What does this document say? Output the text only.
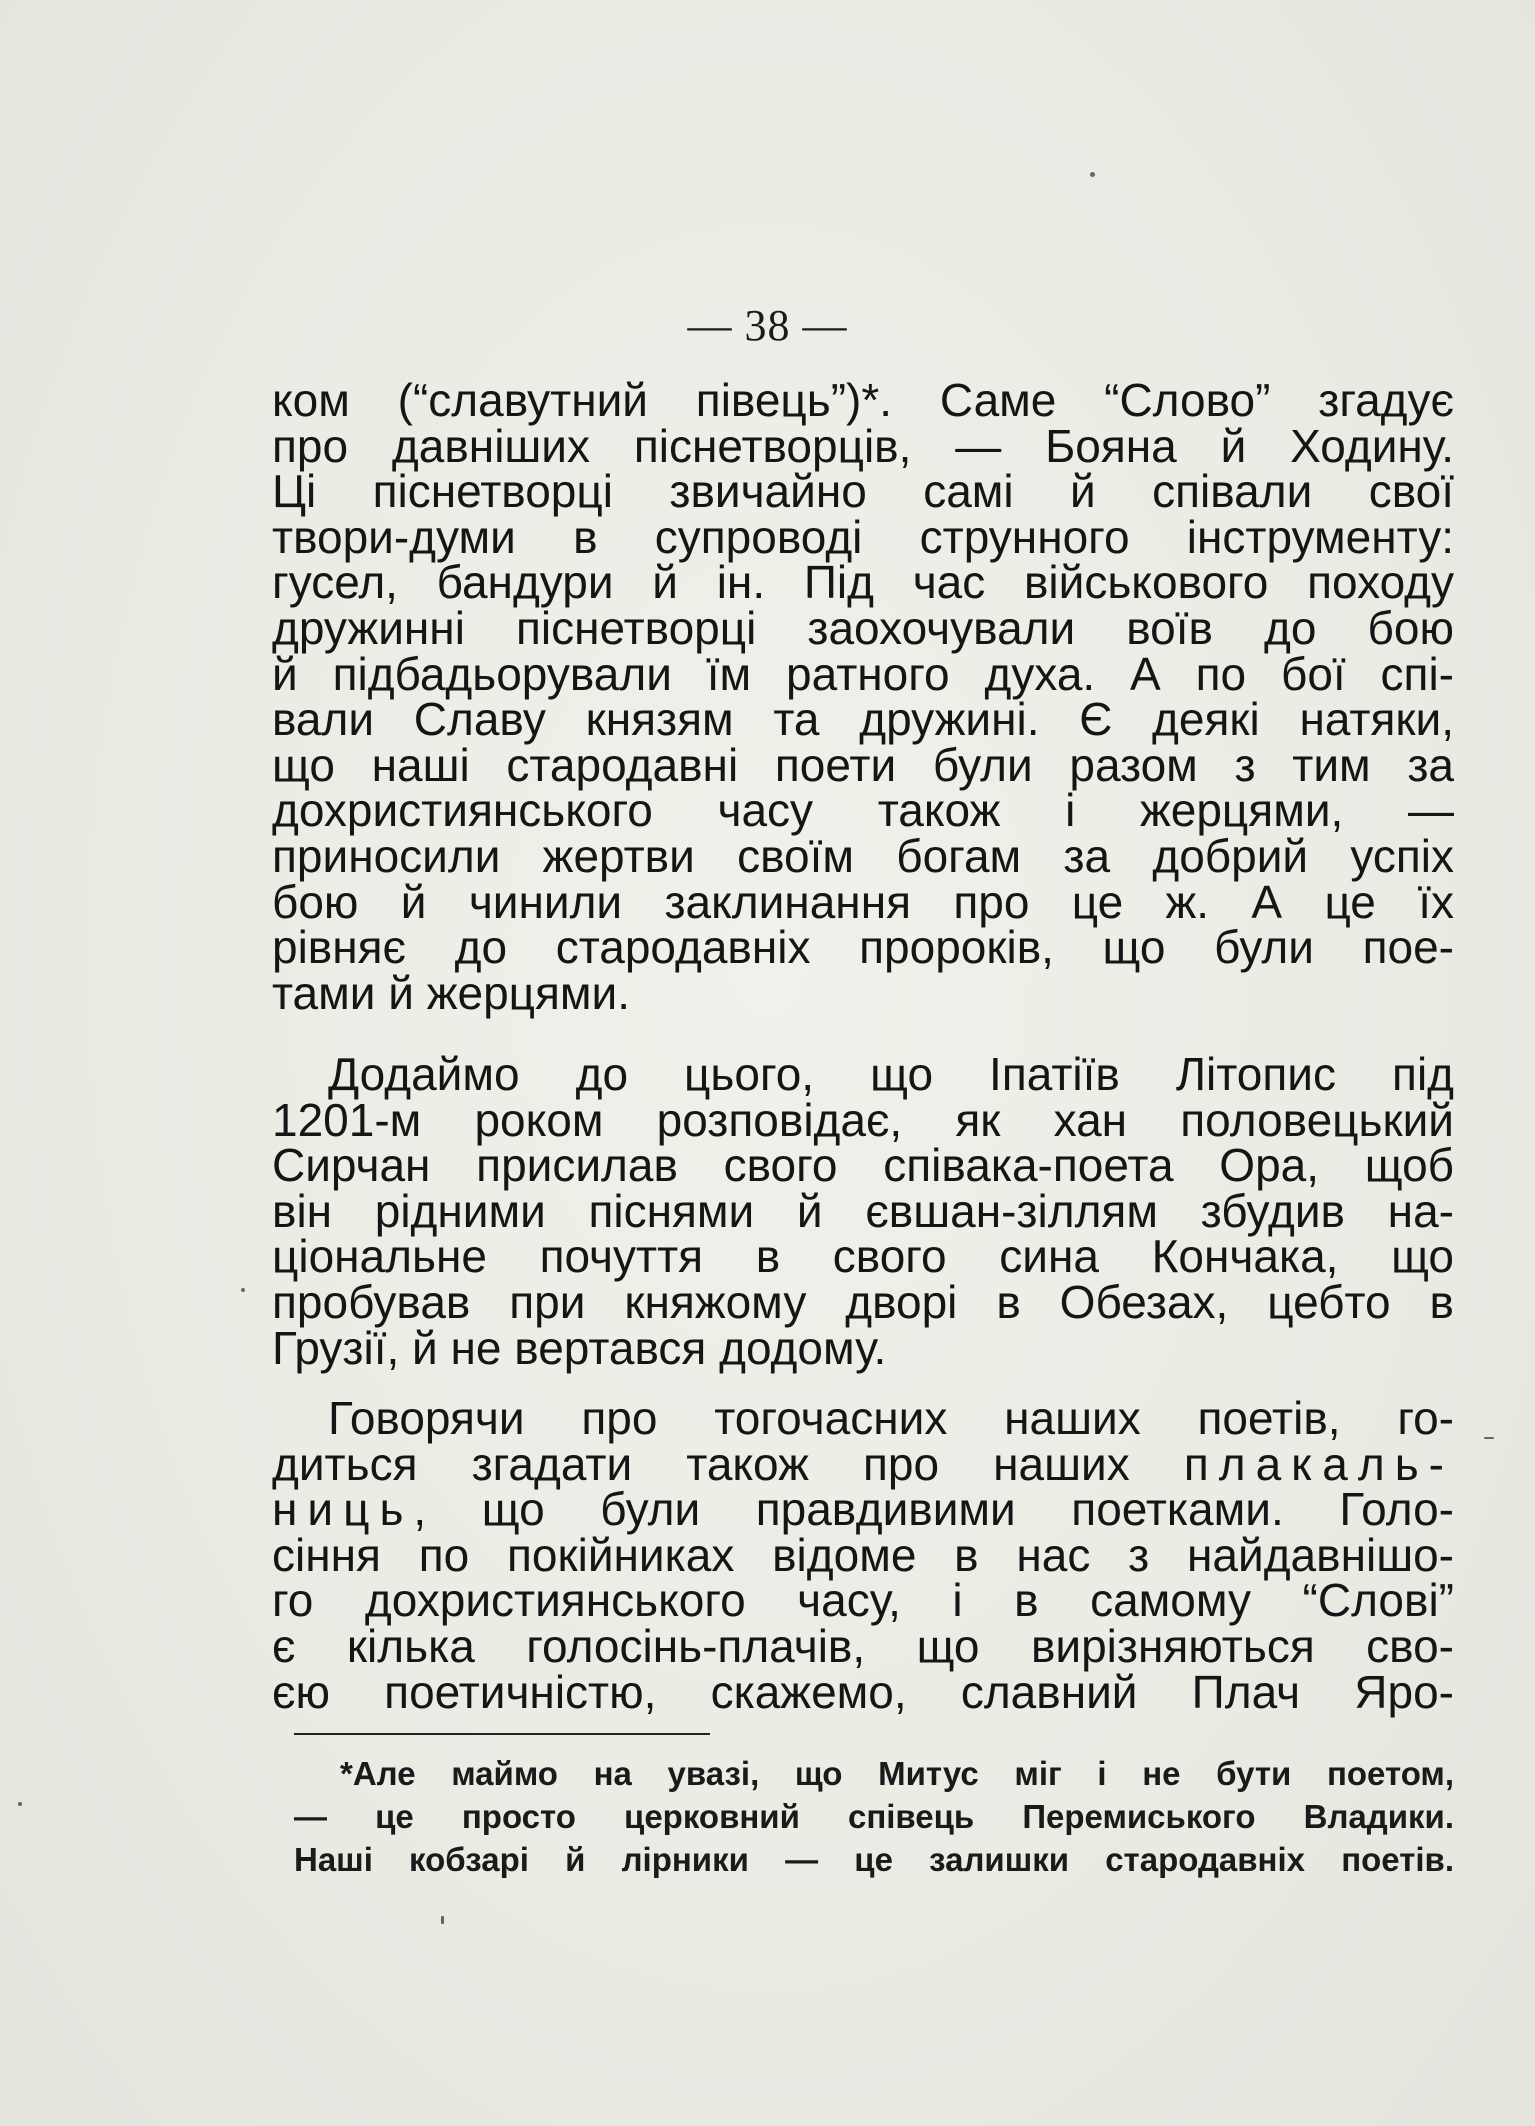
— 38 —
ком (“славутний півець”)*. Саме “Слово” згадує
про давніших піснетворців, — Бояна й Ходину.
Ці піснетворці звичайно самі й співали свої
твори-думи в супроводі струнного інструменту:
гусел, бандури й ін. Під час військового походу
дружинні піснетворці заохочували воїв до бою
й підбадьорували їм ратного духа. А по бої спі-
вали Славу князям та дружині. Є деякі натяки,
що наші стародавні поети були разом з тим за
дохристиянського часу також і жерцями, —
приносили жертви своїм богам за добрий успіх
бою й чинили заклинання про це ж. А це їх
рівняє до стародавніх пророків, що були пое-
тами й жерцями.
Додаймо до цього, що Іпатіїв Літопис під
1201-м роком розповідає, як хан половецький
Сирчан присилав свого співака-поета Ора, щоб
він рідними піснями й євшан-зіллям збудив на-
ціональне почуття в свого сина Кончака, що
пробував при княжому дворі в Обезах, цебто в
Грузії, й не вертався додому.
Говорячи про тогочасних наших поетів, го-
диться згадати також про наших плакаль-
ниць, що були правдивими поетками. Голо-
сіння по покійниках відоме в нас з найдавнішо-
го дохристиянського часу, і в самому “Слові”
є кілька голосінь-плачів, що вирізняються сво-
єю поетичністю, скажемо, славний Плач Яро-
*Але маймо на увазі, що Митус міг і не бути поетом,
— це просто церковний співець Перемиського Владики.
Наші кобзарі й лірники — це залишки стародавніх поетів.
